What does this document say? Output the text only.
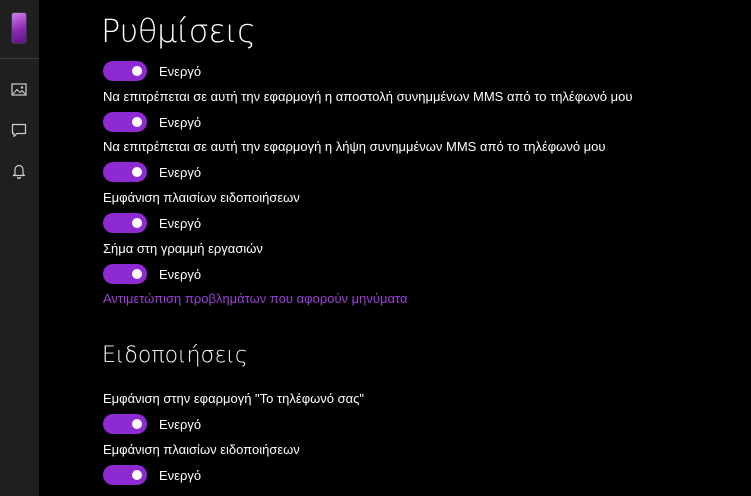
Ρυθμίσεις
Ενεργό
Να επιτρέπεται σε αυτή την εφαρμογή η αποστολή συνημμένων MMS από το τηλέφωνό μου
Ενεργό
Να επιτρέπεται σε αυτή την εφαρμογή η λήψη συνημμένων MMS από το τηλέφωνό μου
Ενεργό
Εμφάνιση πλαισίων ειδοποιήσεων
Ενεργό
Σήμα στη γραμμή εργασιών
Ενεργό
Αντιμετώπιση προβλημάτων που αφορούν μηνύματα
Ειδοποιήσεις
Εμφάνιση στην εφαρμογή "Το τηλέφωνό σας"
Ενεργό
Εμφάνιση πλαισίων ειδοποιήσεων
Ενεργό
